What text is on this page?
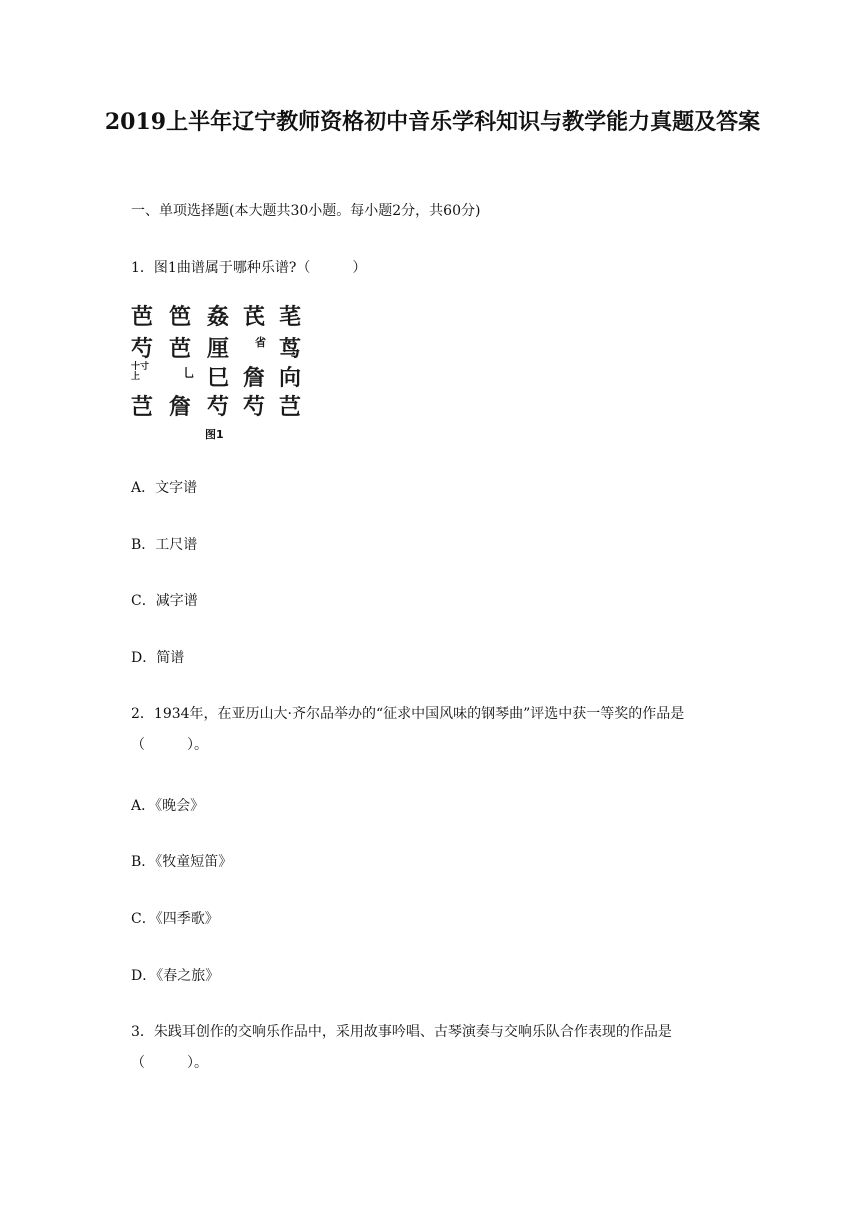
2019上半年辽宁教师资格初中音乐学科知识与教学能力真题及答案

一、单项选择题(本大题共30小题。每小题2分，共60分)

1．图1曲谱属于哪种乐谱?（　　　）

芭
芍
十寸上
芑
笆
芭
乚
詹
姦
厘
巳
芍
芪
省
詹
芍
芼
茑
向
芑
图1

A．文字谱

B．工尺谱

C．减字谱

D．简谱

2．1934年，在亚历山大·齐尔品举办的“征求中国风味的钢琴曲”评选中获一等奖的作品是（　　　）。

A．《晚会》

B．《牧童短笛》

C．《四季歌》

D．《春之旅》

3．朱践耳创作的交响乐作品中，采用故事吟唱、古琴演奏与交响乐队合作表现的作品是（　　　）。
